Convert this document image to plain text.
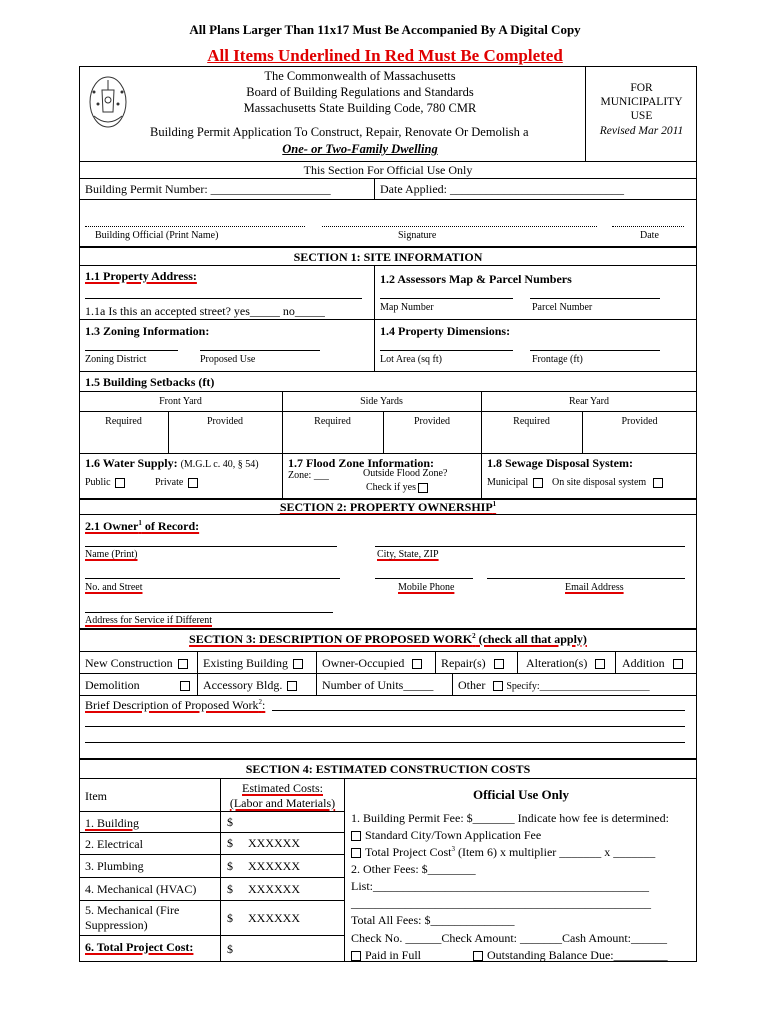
All Plans Larger Than 11x17 Must Be Accompanied By A Digital Copy
All Items Underlined In Red Must Be Completed
The Commonwealth of Massachusetts
Board of Building Regulations and Standards
Massachusetts State Building Code, 780 CMR
Building Permit Application To Construct, Repair, Renovate Or Demolish a
One- or Two-Family Dwelling
FOR
MUNICIPALITY
USE
Revised Mar 2011
This Section For Official Use Only
Building Permit Number: ____________________	Date Applied: _____________________________
Building Official (Print Name)	Signature	Date
SECTION 1: SITE INFORMATION
1.1 Property Address:
1.1a Is this an accepted street? yes_____ no_____
1.2 Assessors Map & Parcel Numbers
Map Number	Parcel Number
1.3 Zoning Information:
Zoning District	Proposed Use
1.4 Property Dimensions:
Lot Area (sq ft)	Frontage (ft)
1.5 Building Setbacks (ft)
Front Yard	Side Yards	Rear Yard
Required	Provided	Required	Provided	Required	Provided
1.6 Water Supply: (M.G.L c. 40, § 54)
Public	Private
1.7 Flood Zone Information:
Zone: ___	Outside Flood Zone?
Check if yes
1.8 Sewage Disposal System:
Municipal	On site disposal system
SECTION 2: PROPERTY OWNERSHIP$^1$
2.1 Owner$^1$ of Record:
Name (Print)	City, State, ZIP
No. and Street	Mobile Phone	Email Address
Address for Service if Different
SECTION 3: DESCRIPTION OF PROPOSED WORK$^2$ (check all that apply)
New Construction	Existing Building	Owner-Occupied	Repair(s)	Alteration(s)	Addition
Demolition	Accessory Bldg.	Number of Units_____ Other Specify:______________________
Brief Description of Proposed Work$^2$:
SECTION 4: ESTIMATED CONSTRUCTION COSTS
Item
Estimated Costs:
(Labor and Materials)
Official Use Only
1. Building	$
2. Electrical	$     XXXXXX
3. Plumbing	$     XXXXXX
4. Mechanical (HVAC)	$     XXXXXX
5. Mechanical (Fire
Suppression)	$     XXXXXX
6. Total Project Cost:	$
1. Building Permit Fee: $_______ Indicate how fee is determined:
Standard City/Town Application Fee
Total Project Cost$^3$ (Item 6) x multiplier _______ x _______
2. Other Fees: $________
List:______________________________________________
__________________________________________________
Total All Fees: $______________
Check No. ______Check Amount: _______Cash Amount:______
Paid in Full	Outstanding Balance Due:_________
